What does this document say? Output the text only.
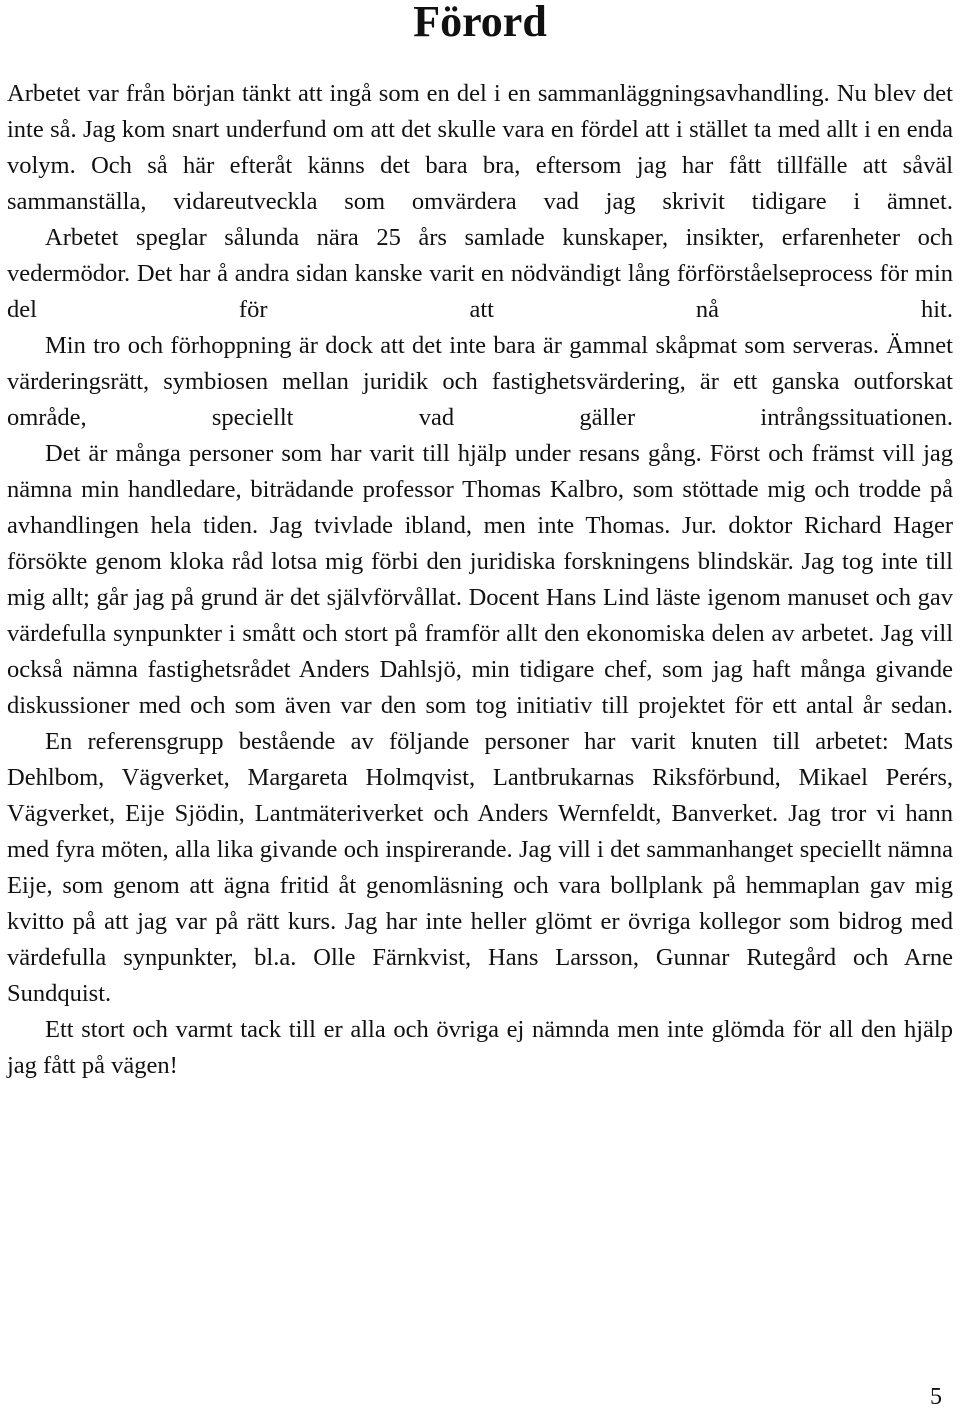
Förord

Arbetet var från början tänkt att ingå som en del i en sammanläggningsavhandling. Nu blev det inte så. Jag kom snart underfund om att det skulle vara en fördel att i stället ta med allt i en enda volym. Och så här efteråt känns det bara bra, eftersom jag har fått tillfälle att såväl sammanställa, vidareutveckla som omvärdera vad jag skrivit tidigare i ämnet.

Arbetet speglar sålunda nära 25 års samlade kunskaper, insikter, erfarenheter och vedermödor. Det har å andra sidan kanske varit en nödvändigt lång förförståelseprocess för min del för att nå hit.

Min tro och förhoppning är dock att det inte bara är gammal skåpmat som serveras. Ämnet värderingsrätt, symbiosen mellan juridik och fastighetsvärdering, är ett ganska outforskat område, speciellt vad gäller intrångssituationen.

Det är många personer som har varit till hjälp under resans gång. Först och främst vill jag nämna min handledare, biträdande professor Thomas Kalbro, som stöttade mig och trodde på avhandlingen hela tiden. Jag tvivlade ibland, men inte Thomas. Jur. doktor Richard Hager försökte genom kloka råd lotsa mig förbi den juridiska forskningens blindskär. Jag tog inte till mig allt; går jag på grund är det självförvållat. Docent Hans Lind läste igenom manuset och gav värdefulla synpunkter i smått och stort på framför allt den ekonomiska delen av arbetet. Jag vill också nämna fastighetsrådet Anders Dahlsjö, min tidigare chef, som jag haft många givande diskussioner med och som även var den som tog initiativ till projektet för ett antal år sedan.

En referensgrupp bestående av följande personer har varit knuten till arbetet: Mats Dehlbom, Vägverket, Margareta Holmqvist, Lantbrukarnas Riksförbund, Mikael Perérs, Vägverket, Eije Sjödin, Lantmäteriverket och Anders Wernfeldt, Banverket. Jag tror vi hann med fyra möten, alla lika givande och inspirerande. Jag vill i det sammanhanget speciellt nämna Eije, som genom att ägna fritid åt genomläsning och vara bollplank på hemmaplan gav mig kvitto på att jag var på rätt kurs. Jag har inte heller glömt er övriga kollegor som bidrog med värdefulla synpunkter, bl.a. Olle Färnkvist, Hans Larsson, Gunnar Rutegård och Arne Sundquist.

Ett stort och varmt tack till er alla och övriga ej nämnda men inte glömda för all den hjälp jag fått på vägen!

5
